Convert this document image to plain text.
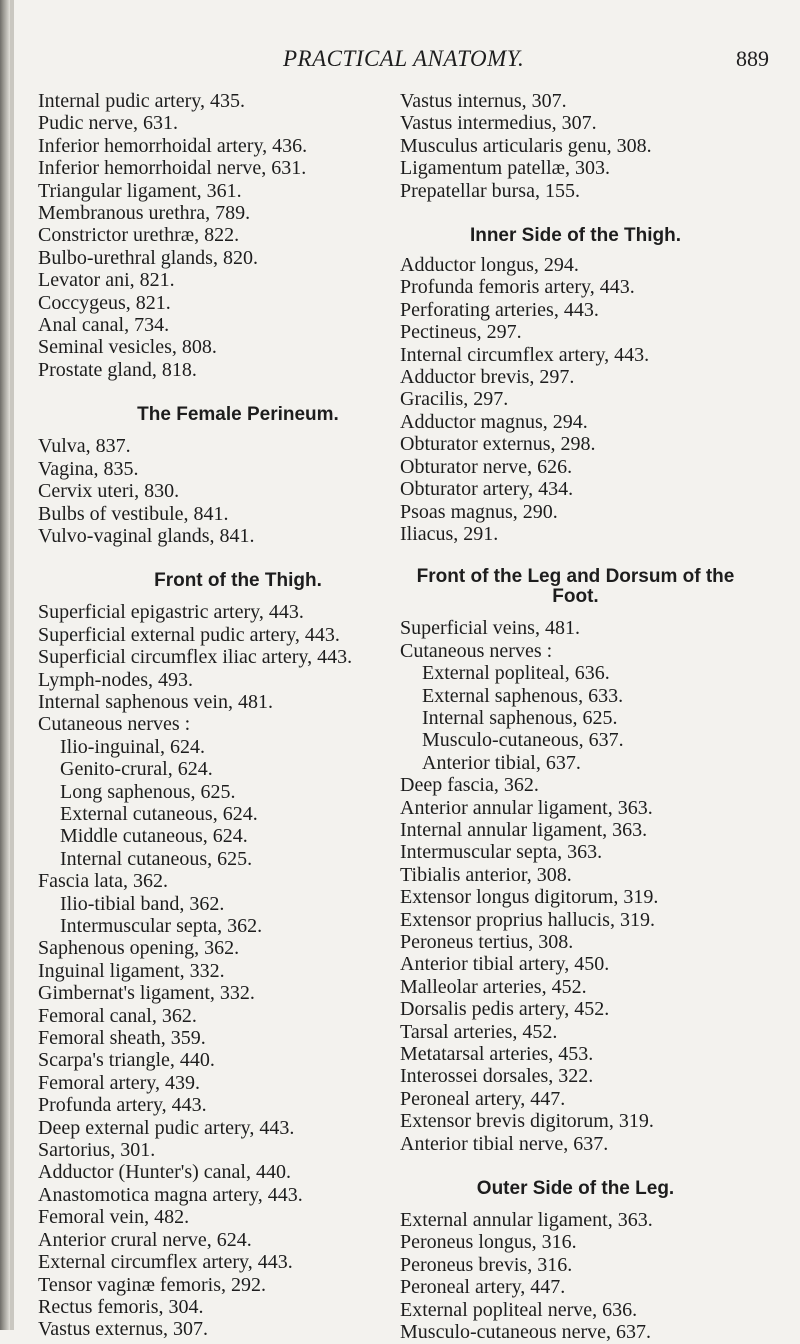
PRACTICAL ANATOMY.	889
Internal pudic artery, 435.
Pudic nerve, 631.
Inferior hemorrhoidal artery, 436.
Inferior hemorrhoidal nerve, 631.
Triangular ligament, 361.
Membranous urethra, 789.
Constrictor urethræ, 822.
Bulbo-urethral glands, 820.
Levator ani, 821.
Coccygeus, 821.
Anal canal, 734.
Seminal vesicles, 808.
Prostate gland, 818.
The Female Perineum.
Vulva, 837.
Vagina, 835.
Cervix uteri, 830.
Bulbs of vestibule, 841.
Vulvo-vaginal glands, 841.
Front of the Thigh.
Superficial epigastric artery, 443.
Superficial external pudic artery, 443.
Superficial circumflex iliac artery, 443.
Lymph-nodes, 493.
Internal saphenous vein, 481.
Cutaneous nerves :
Ilio-inguinal, 624.
Genito-crural, 624.
Long saphenous, 625.
External cutaneous, 624.
Middle cutaneous, 624.
Internal cutaneous, 625.
Fascia lata, 362.
Ilio-tibial band, 362.
Intermuscular septa, 362.
Saphenous opening, 362.
Inguinal ligament, 332.
Gimbernat's ligament, 332.
Femoral canal, 362.
Femoral sheath, 359.
Scarpa's triangle, 440.
Femoral artery, 439.
Profunda artery, 443.
Deep external pudic artery, 443.
Sartorius, 301.
Adductor (Hunter's) canal, 440.
Anastomotica magna artery, 443.
Femoral vein, 482.
Anterior crural nerve, 624.
External circumflex artery, 443.
Tensor vaginæ femoris, 292.
Rectus femoris, 304.
Vastus externus, 307.
Vastus internus, 307.
Vastus intermedius, 307.
Musculus articularis genu, 308.
Ligamentum patellæ, 303.
Prepatellar bursa, 155.
Inner Side of the Thigh.
Adductor longus, 294.
Profunda femoris artery, 443.
Perforating arteries, 443.
Pectineus, 297.
Internal circumflex artery, 443.
Adductor brevis, 297.
Gracilis, 297.
Adductor magnus, 294.
Obturator externus, 298.
Obturator nerve, 626.
Obturator artery, 434.
Psoas magnus, 290.
Iliacus, 291.
Front of the Leg and Dorsum of the
Foot.
Superficial veins, 481.
Cutaneous nerves :
External popliteal, 636.
External saphenous, 633.
Internal saphenous, 625.
Musculo-cutaneous, 637.
Anterior tibial, 637.
Deep fascia, 362.
Anterior annular ligament, 363.
Internal annular ligament, 363.
Intermuscular septa, 363.
Tibialis anterior, 308.
Extensor longus digitorum, 319.
Extensor proprius hallucis, 319.
Peroneus tertius, 308.
Anterior tibial artery, 450.
Malleolar arteries, 452.
Dorsalis pedis artery, 452.
Tarsal arteries, 452.
Metatarsal arteries, 453.
Interossei dorsales, 322.
Peroneal artery, 447.
Extensor brevis digitorum, 319.
Anterior tibial nerve, 637.
Outer Side of the Leg.
External annular ligament, 363.
Peroneus longus, 316.
Peroneus brevis, 316.
Peroneal artery, 447.
External popliteal nerve, 636.
Musculo-cutaneous nerve, 637.
